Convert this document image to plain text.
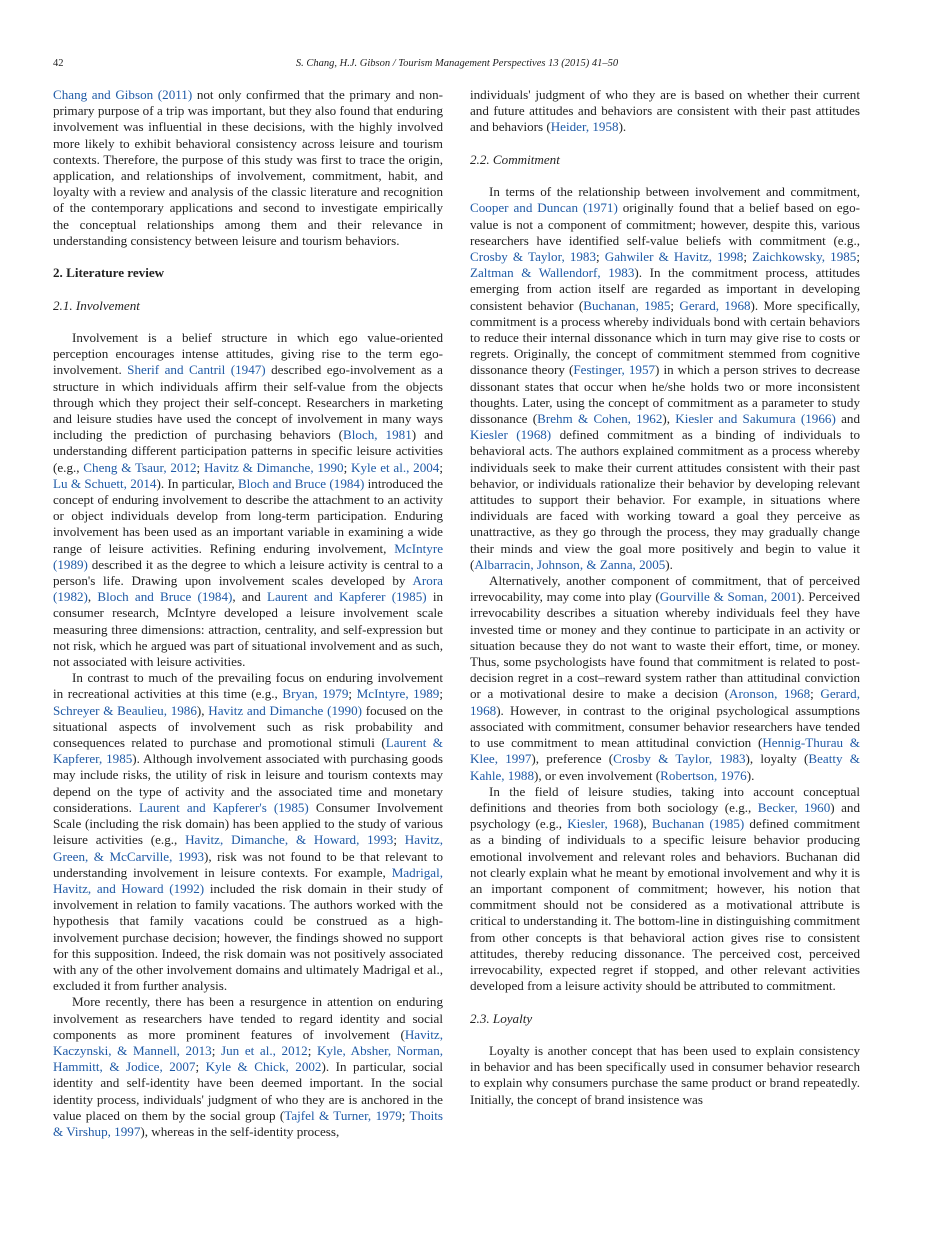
42	S. Chang, H.J. Gibson / Tourism Management Perspectives 13 (2015) 41–50

Chang and Gibson (2011) not only confirmed that the primary and non-primary purpose of a trip was important, but they also found that enduring involvement was influential in these decisions, with the highly involved more likely to exhibit behavioral consistency across leisure and tourism contexts. Therefore, the purpose of this study was first to trace the origin, application, and relationships of involvement, commitment, habit, and loyalty with a review and analysis of the classic literature and recognition of the contemporary applications and second to investigate empirically the conceptual relationships among them and their relevance in understanding consistency between leisure and tourism behaviors.

2. Literature review
2.1. Involvement

Involvement is a belief structure in which ego value-oriented perception encourages intense attitudes, giving rise to the term ego-involvement. Sherif and Cantril (1947) described ego-involvement as a structure in which individuals affirm their self-value from the objects through which they project their self-concept. Researchers in marketing and leisure studies have used the concept of involvement in many ways including the prediction of purchasing behaviors (Bloch, 1981) and understanding different participation patterns in specific leisure activities (e.g., Cheng & Tsaur, 2012; Havitz & Dimanche, 1990; Kyle et al., 2004; Lu & Schuett, 2014). In particular, Bloch and Bruce (1984) introduced the concept of enduring involvement to describe the attachment to an activity or object individuals develop from long-term participation. Enduring involvement has been used as an important variable in examining a wide range of leisure activities. Refining enduring involvement, McIntyre (1989) described it as the degree to which a leisure activity is central to a person's life. Drawing upon involvement scales developed by Arora (1982), Bloch and Bruce (1984), and Laurent and Kapferer (1985) in consumer research, McIntyre developed a leisure involvement scale measuring three dimensions: attraction, centrality, and self-expression but not risk, which he argued was part of situational involvement and as such, not associated with leisure activities.

In contrast to much of the prevailing focus on enduring involvement in recreational activities at this time (e.g., Bryan, 1979; McIntyre, 1989; Schreyer & Beaulieu, 1986), Havitz and Dimanche (1990) focused on the situational aspects of involvement such as risk probability and consequences related to purchase and promotional stimuli (Laurent & Kapferer, 1985). Although involvement associated with purchasing goods may include risks, the utility of risk in leisure and tourism contexts may depend on the type of activity and the associated time and monetary considerations. Laurent and Kapferer's (1985) Consumer Involvement Scale (including the risk domain) has been applied to the study of various leisure activities (e.g., Havitz, Dimanche, & Howard, 1993; Havitz, Green, & McCarville, 1993), risk was not found to be that relevant to understanding involvement in leisure contexts. For example, Madrigal, Havitz, and Howard (1992) included the risk domain in their study of involvement in relation to family vacations. The authors worked with the hypothesis that family vacations could be construed as a high-involvement purchase decision; however, the findings showed no support for this supposition. Indeed, the risk domain was not positively associated with any of the other involvement domains and ultimately Madrigal et al., excluded it from further analysis.

More recently, there has been a resurgence in attention on enduring involvement as researchers have tended to regard identity and social components as more prominent features of involvement (Havitz, Kaczynski, & Mannell, 2013; Jun et al., 2012; Kyle, Absher, Norman, Hammitt, & Jodice, 2007; Kyle & Chick, 2002). In particular, social identity and self-identity have been deemed important. In the social identity process, individuals' judgment of who they are is anchored in the value placed on them by the social group (Tajfel & Turner, 1979; Thoits & Virshup, 1997), whereas in the self-identity process,

individuals' judgment of who they are is based on whether their current and future attitudes and behaviors are consistent with their past attitudes and behaviors (Heider, 1958).

2.2. Commitment

In terms of the relationship between involvement and commitment, Cooper and Duncan (1971) originally found that a belief based on ego-value is not a component of commitment; however, despite this, various researchers have identified self-value beliefs with commitment (e.g., Crosby & Taylor, 1983; Gahwiler & Havitz, 1998; Zaichkowsky, 1985; Zaltman & Wallendorf, 1983). In the commitment process, attitudes emerging from action itself are regarded as important in developing consistent behavior (Buchanan, 1985; Gerard, 1968). More specifically, commitment is a process whereby individuals bond with certain behaviors to reduce their internal dissonance which in turn may give rise to costs or regrets. Originally, the concept of commitment stemmed from cognitive dissonance theory (Festinger, 1957) in which a person strives to decrease dissonant states that occur when he/she holds two or more inconsistent thoughts. Later, using the concept of commitment as a parameter to study dissonance (Brehm & Cohen, 1962), Kiesler and Sakumura (1966) and Kiesler (1968) defined commitment as a binding of individuals to behavioral acts. The authors explained commitment as a process whereby individuals seek to make their current attitudes consistent with their past behavior, or individuals rationalize their behavior by developing relevant attitudes to support their behavior. For example, in situations where individuals are faced with working toward a goal they perceive as unattractive, as they go through the process, they may gradually change their minds and view the goal more positively and begin to value it (Albarracin, Johnson, & Zanna, 2005).

Alternatively, another component of commitment, that of perceived irrevocability, may come into play (Gourville & Soman, 2001). Perceived irrevocability describes a situation whereby individuals feel they have invested time or money and they continue to participate in an activity or situation because they do not want to waste their effort, time, or money. Thus, some psychologists have found that commitment is related to post-decision regret in a cost–reward system rather than attitudinal conviction or a motivational desire to make a decision (Aronson, 1968; Gerard, 1968). However, in contrast to the original psychological assumptions associated with commitment, consumer behavior researchers have tended to use commitment to mean attitudinal conviction (Hennig-Thurau & Klee, 1997), preference (Crosby & Taylor, 1983), loyalty (Beatty & Kahle, 1988), or even involvement (Robertson, 1976).

In the field of leisure studies, taking into account conceptual definitions and theories from both sociology (e.g., Becker, 1960) and psychology (e.g., Kiesler, 1968), Buchanan (1985) defined commitment as a binding of individuals to a specific leisure behavior producing emotional involvement and relevant roles and behaviors. Buchanan did not clearly explain what he meant by emotional involvement and why it is an important component of commitment; however, his notion that commitment should not be considered as a motivational attribute is critical to understanding it. The bottom-line in distinguishing commitment from other concepts is that behavioral action gives rise to consistent attitudes, thereby reducing dissonance. The perceived cost, perceived irrevocability, expected regret if stopped, and other relevant activities developed from a leisure activity should be attributed to commitment.

2.3. Loyalty

Loyalty is another concept that has been used to explain consistency in behavior and has been specifically used in consumer behavior research to explain why consumers purchase the same product or brand repeatedly. Initially, the concept of brand insistence was
